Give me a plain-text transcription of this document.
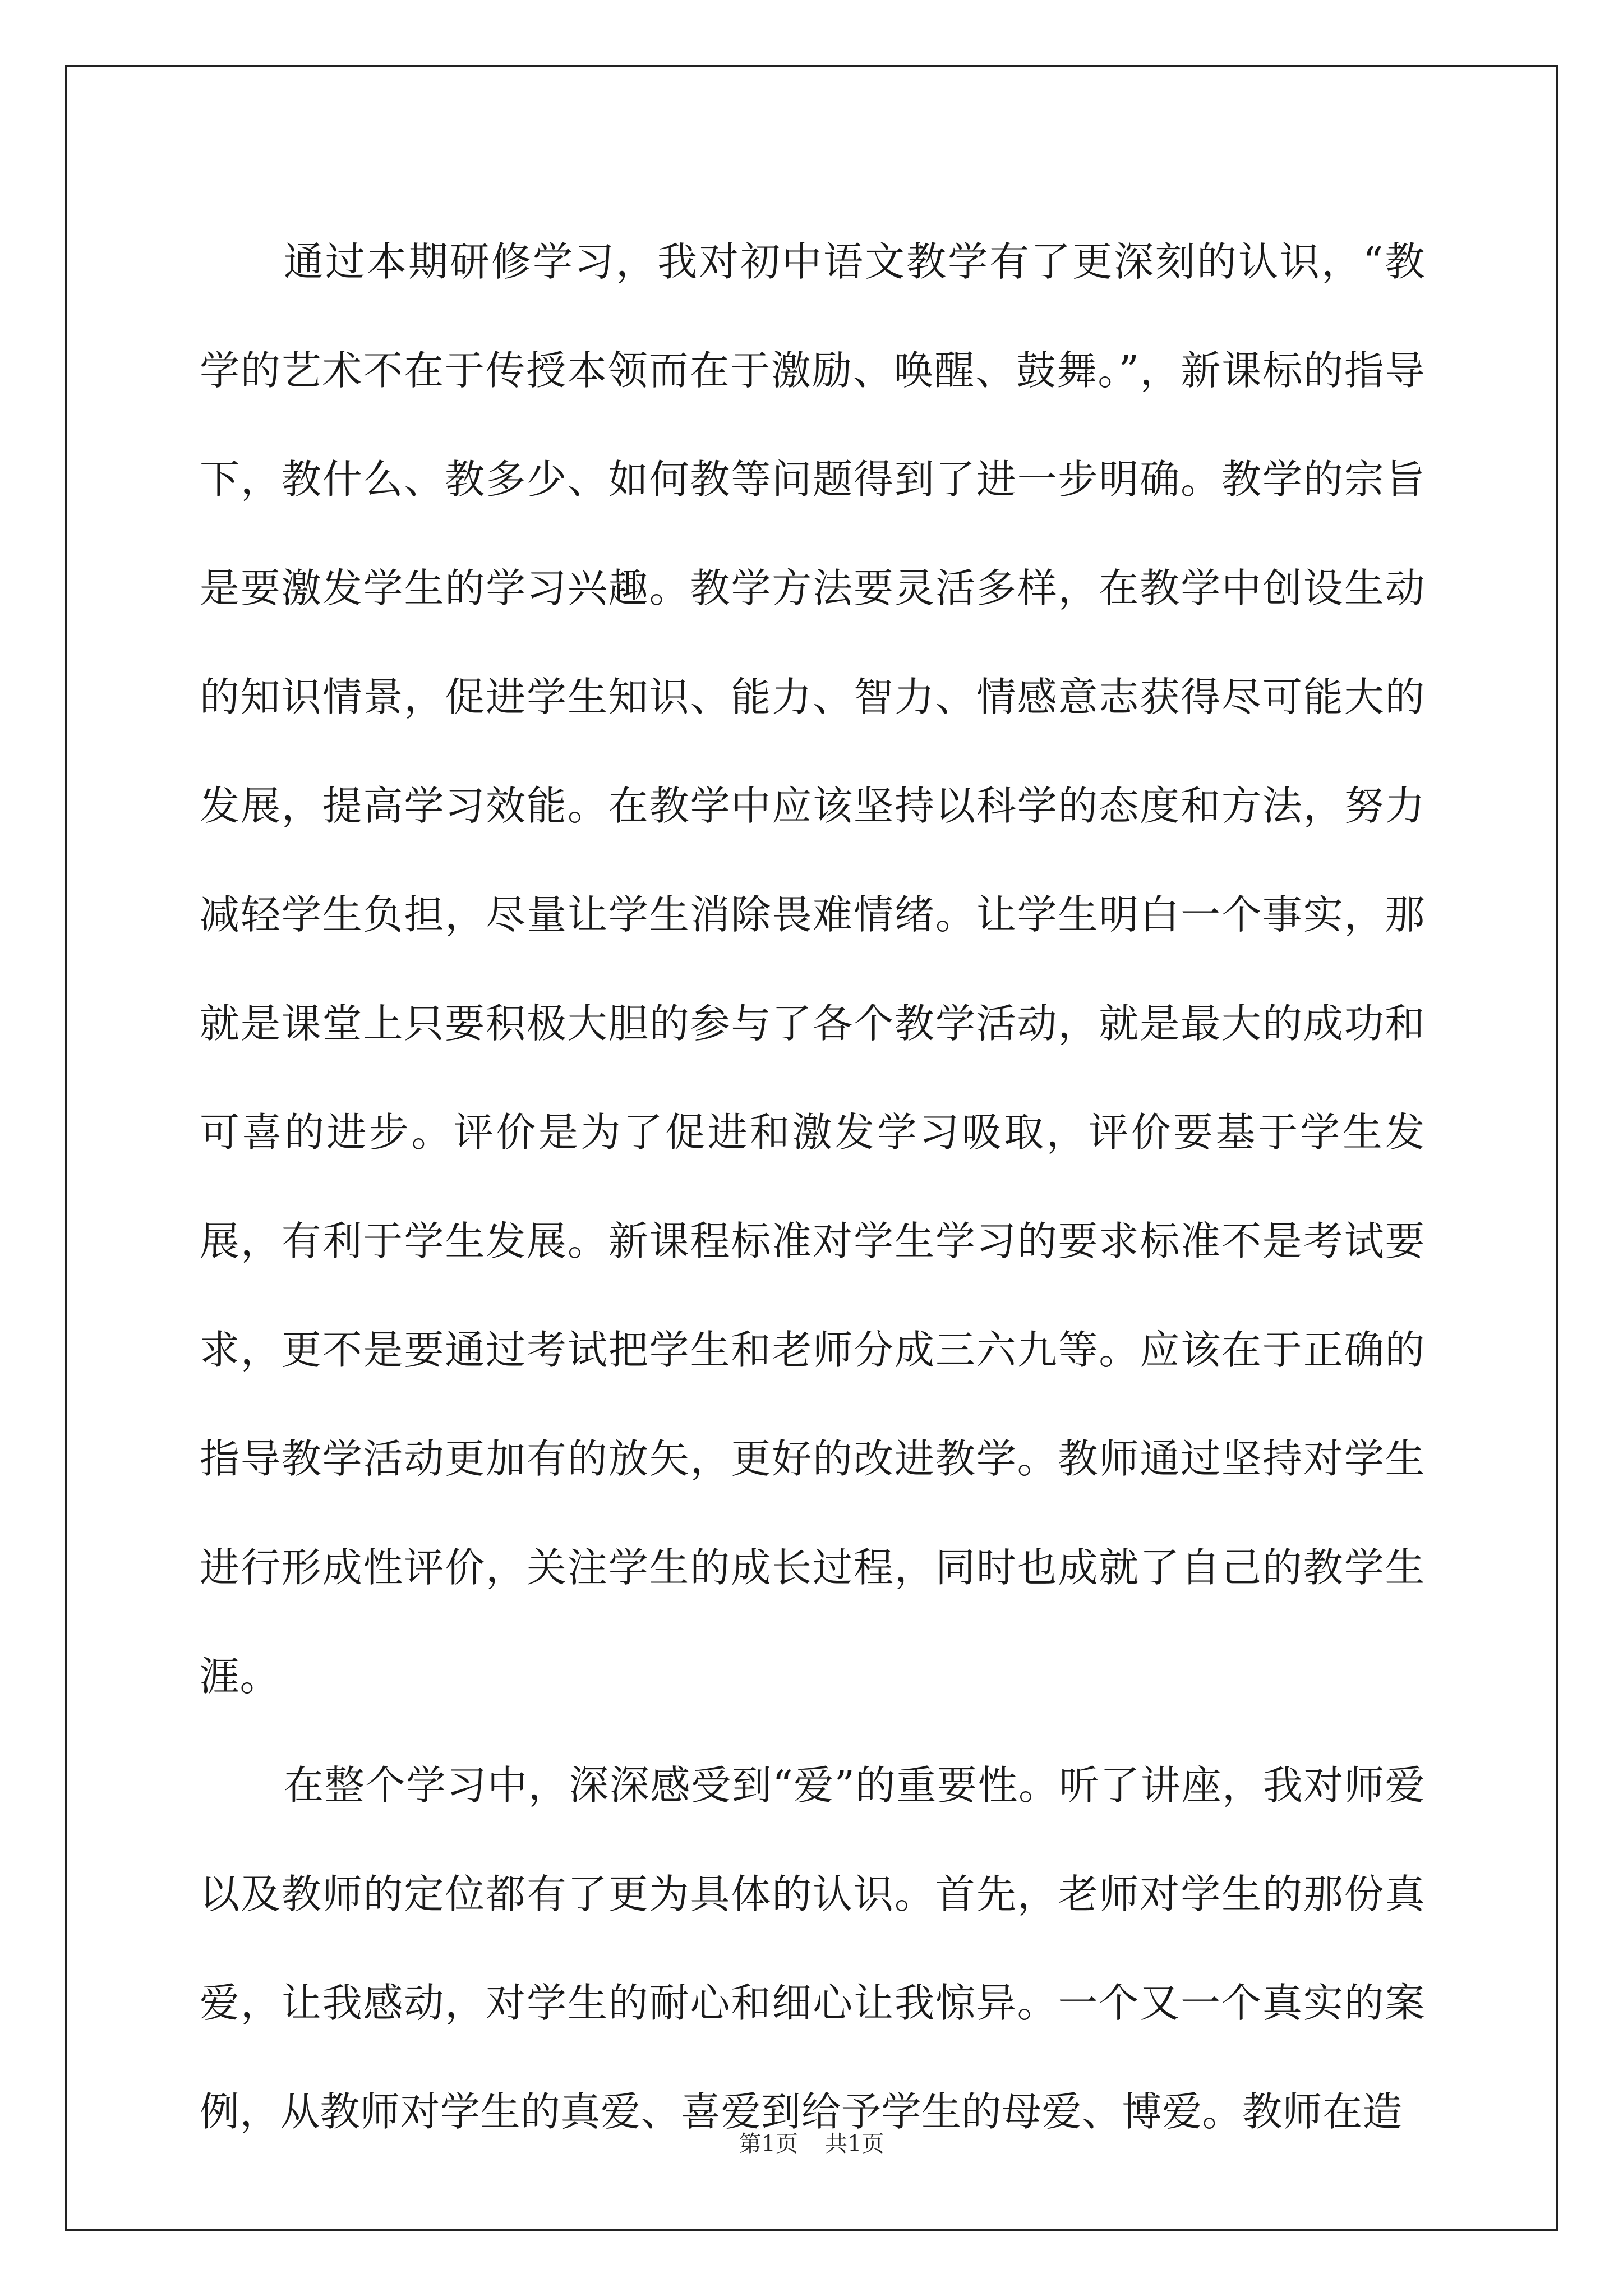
通过本期研修学习，我对初中语文教学有了更深刻的认识，“教学的艺术不在于传授本领而在于激励、唤醒、鼓舞。”，新课标的指导下，教什么、教多少、如何教等问题得到了进一步明确。教学的宗旨是要激发学生的学习兴趣。教学方法要灵活多样，在教学中创设生动的知识情景，促进学生知识、能力、智力、情感意志获得尽可能大的发展，提高学习效能。在教学中应该坚持以科学的态度和方法，努力减轻学生负担，尽量让学生消除畏难情绪。让学生明白一个事实，那就是课堂上只要积极大胆的参与了各个教学活动，就是最大的成功和可喜的进步。评价是为了促进和激发学习吸取，评价要基于学生发展，有利于学生发展。新课程标准对学生学习的要求标准不是考试要求，更不是要通过考试把学生和老师分成三六九等。应该在于正确的指导教学活动更加有的放矢，更好的改进教学。教师通过坚持对学生进行形成性评价，关注学生的成长过程，同时也成就了自己的教学生涯。

在整个学习中，深深感受到“爱”的重要性。听了讲座，我对师爱以及教师的定位都有了更为具体的认识。首先，老师对学生的那份真爱，让我感动，对学生的耐心和细心让我惊异。一个又一个真实的案例，从教师对学生的真爱、喜爱到给予学生的母爱、博爱。教师在造

第1页 共1页
